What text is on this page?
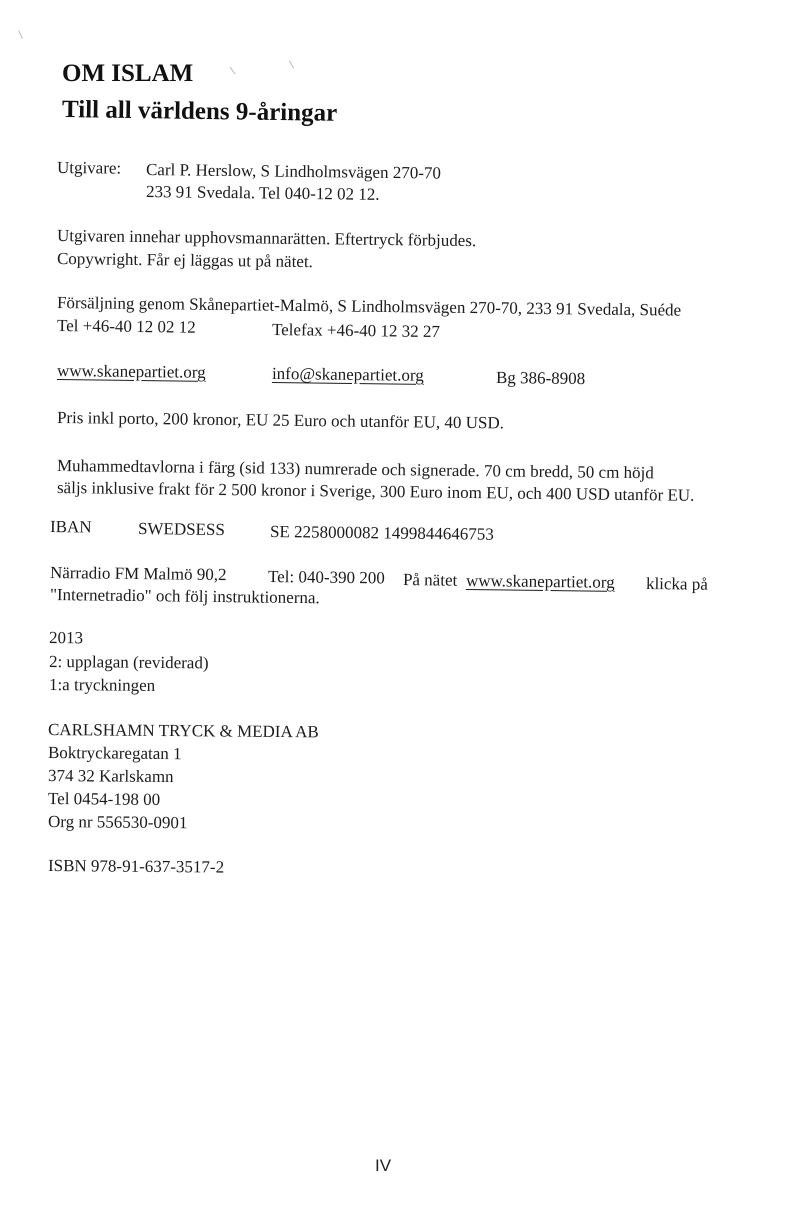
OM ISLAM
Till all världens 9-åringar
Utgivare: Carl P. Herslow, S Lindholmsvägen 270-70
233 91 Svedala. Tel 040-12 02 12.
Utgivaren innehar upphovsmannarätten. Eftertryck förbjudes.
Copywright. Får ej läggas ut på nätet.
Försäljning genom Skånepartiet-Malmö, S Lindholmsvägen 270-70, 233 91 Svedala, Suéde
Tel +46-40 12 02 12	Telefax +46-40 12 32 27
www.skanepartiet.org	info@skanepartiet.org	Bg 386-8908
Pris inkl porto, 200 kronor, EU 25 Euro och utanför EU, 40 USD.
Muhammedtavlorna i färg (sid 133) numrerade och signerade. 70 cm bredd, 50 cm höjd
säljs inklusive frakt för 2 500 kronor i Sverige, 300 Euro inom EU, och 400 USD utanför EU.
IBAN	SWEDSESS	SE 2258000082 1499844646753
Närradio FM Malmö 90,2 Tel: 040-390 200 På nätet www.skanepartiet.org klicka på
"Internetradio" och följ instruktionerna.
2013
2: upplagan (reviderad)
1:a tryckningen
CARLSHAMN TRYCK & MEDIA AB
Boktryckaregatan 1
374 32 Karlskamn
Tel 0454-198 00
Org nr 556530-0901
ISBN 978-91-637-3517-2
IV
